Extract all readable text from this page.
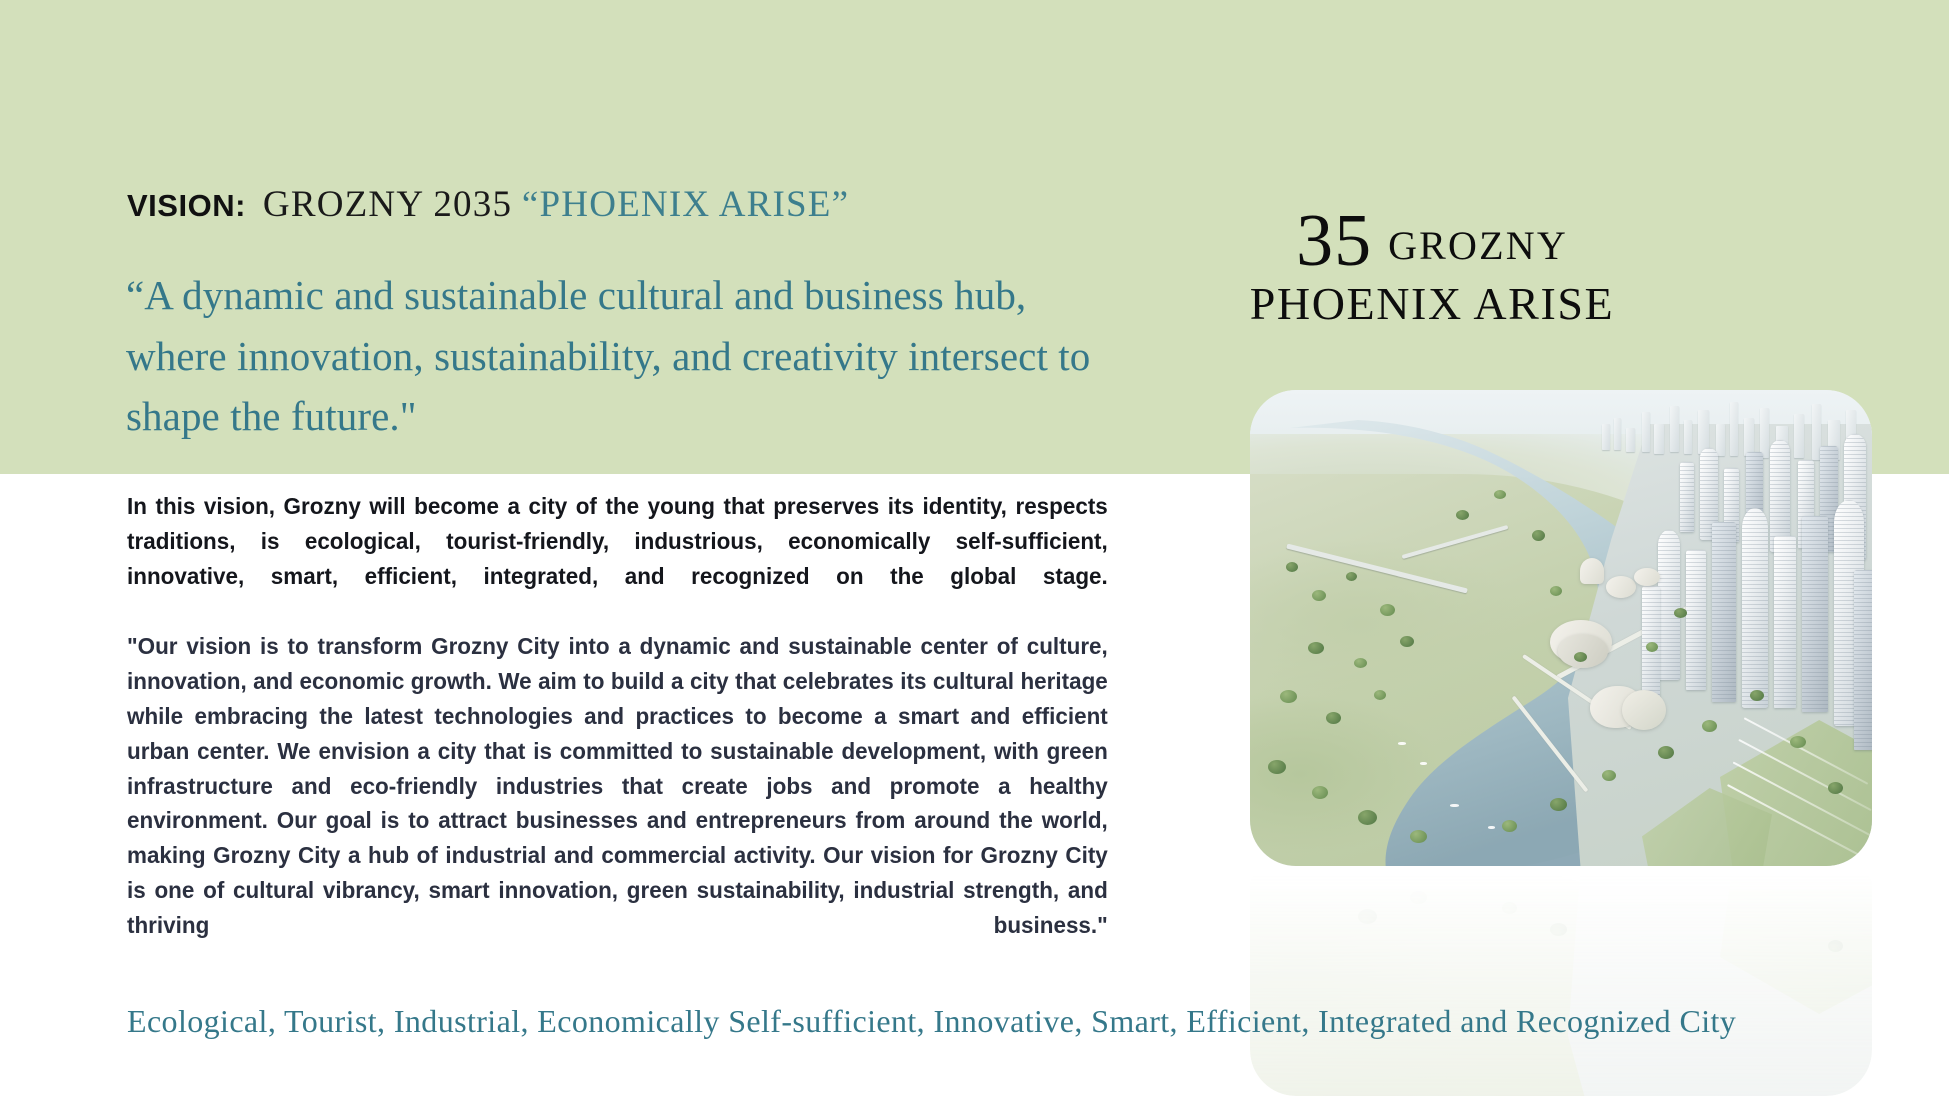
VISION: GROZNY 2035 “PHOENIX ARISE”
“A dynamic and sustainable cultural and business hub, where innovation, sustainability, and creativity intersect to shape the future."

In this vision, Grozny will become a city of the young that preserves its identity, respects traditions, is ecological, tourist-friendly, industrious, economically self-sufficient, innovative, smart, efficient, integrated, and recognized on the global stage.

"Our vision is to transform Grozny City into a dynamic and sustainable center of culture, innovation, and economic growth. We aim to build a city that celebrates its cultural heritage while embracing the latest technologies and practices to become a smart and efficient urban center. We envision a city that is committed to sustainable development, with green infrastructure and eco-friendly industries that create jobs and promote a healthy environment. Our goal is to attract businesses and entrepreneurs from around the world, making Grozny City a hub of industrial and commercial activity. Our vision for Grozny City is one of cultural vibrancy, smart innovation, green sustainability, industrial strength, and thriving business."

35 GROZNY
PHOENIX ARISE
Ecological, Tourist, Industrial, Economically Self-sufficient, Innovative, Smart, Efficient, Integrated and Recognized City
